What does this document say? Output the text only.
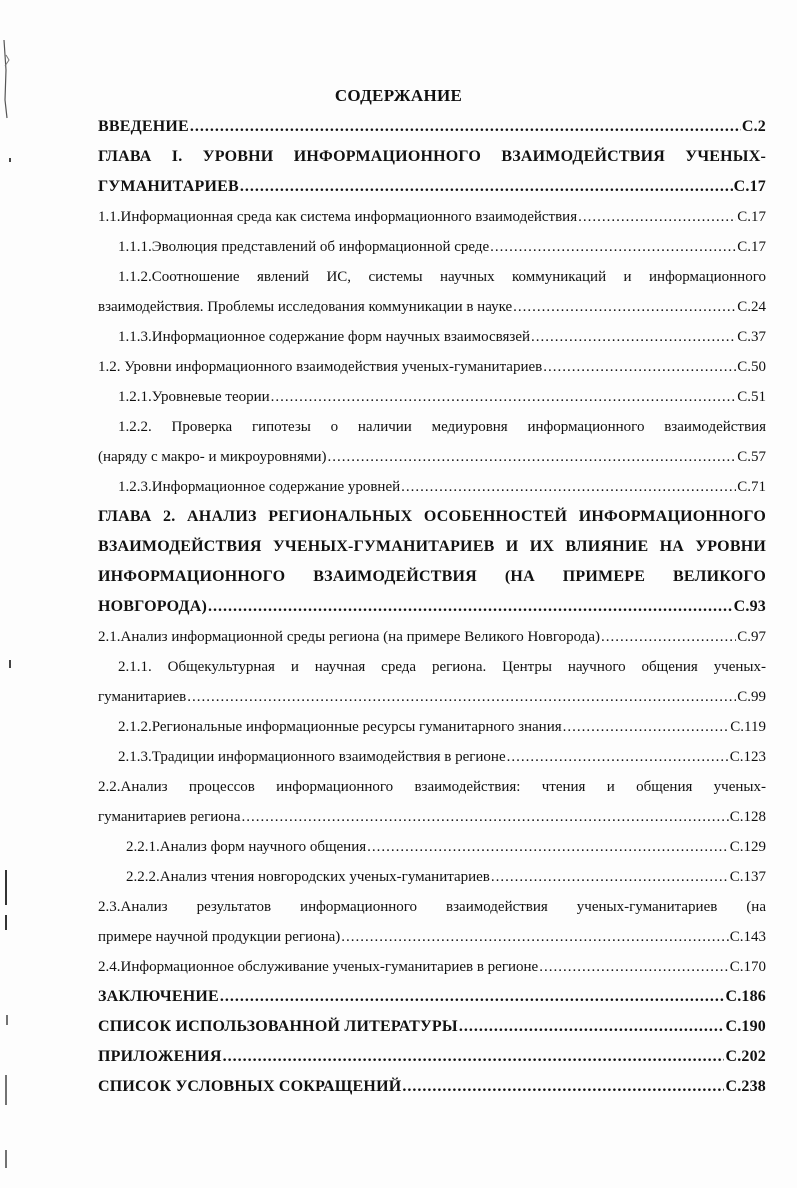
СОДЕРЖАНИЕ
ВВЕДЕНИЕ .....	С.2
ГЛАВА I. УРОВНИ ИНФОРМАЦИОННОГО ВЗАИМОДЕЙСТВИЯ УЧЕНЫХ-
ГУМАНИТАРИЕВ .....	С.17
1.1.Информационная среда как система информационного взаимодействия .....	С.17
1.1.1.Эволюция представлений об информационной среде .....	С.17
1.1.2.Соотношение явлений ИС, системы научных коммуникаций и информационного
взаимодействия. Проблемы исследования коммуникации в науке .....	С.24
1.1.3.Информационное содержание форм научных взаимосвязей .....	С.37
1.2. Уровни информационного взаимодействия ученых-гуманитариев .....	С.50
1.2.1.Уровневые теории .....	С.51
1.2.2. Проверка гипотезы о наличии медиуровня информационного взаимодействия
(наряду с макро- и микроуровнями) .....	С.57
1.2.3.Информационное содержание уровней .....	С.71
ГЛАВА 2. АНАЛИЗ РЕГИОНАЛЬНЫХ ОСОБЕННОСТЕЙ ИНФОРМАЦИОННОГО
ВЗАИМОДЕЙСТВИЯ УЧЕНЫХ-ГУМАНИТАРИЕВ И ИХ ВЛИЯНИЕ НА УРОВНИ
ИНФОРМАЦИОННОГО ВЗАИМОДЕЙСТВИЯ (НА ПРИМЕРЕ ВЕЛИКОГО
НОВГОРОДА) .....	С.93
2.1.Анализ информационной среды региона (на примере Великого Новгорода) .....	С.97
2.1.1. Общекультурная и научная среда региона. Центры научного общения ученых-
гуманитариев .....	С.99
2.1.2.Региональные информационные ресурсы гуманитарного знания .....	С.119
2.1.3.Традиции информационного взаимодействия в регионе .....	С.123
2.2.Анализ процессов информационного взаимодействия: чтения и общения ученых-
гуманитариев региона .....	С.128
2.2.1.Анализ форм научного общения .....	С.129
2.2.2.Анализ чтения новгородских ученых-гуманитариев .....	С.137
2.3.Анализ результатов информационного взаимодействия ученых-гуманитариев (на
примере научной продукции региона) .....	С.143
2.4.Информационное обслуживание ученых-гуманитариев в регионе .....	С.170
ЗАКЛЮЧЕНИЕ .....	С.186
СПИСОК ИСПОЛЬЗОВАННОЙ ЛИТЕРАТУРЫ .....	С.190
ПРИЛОЖЕНИЯ .....	С.202
СПИСОК УСЛОВНЫХ СОКРАЩЕНИЙ .....	С.238
